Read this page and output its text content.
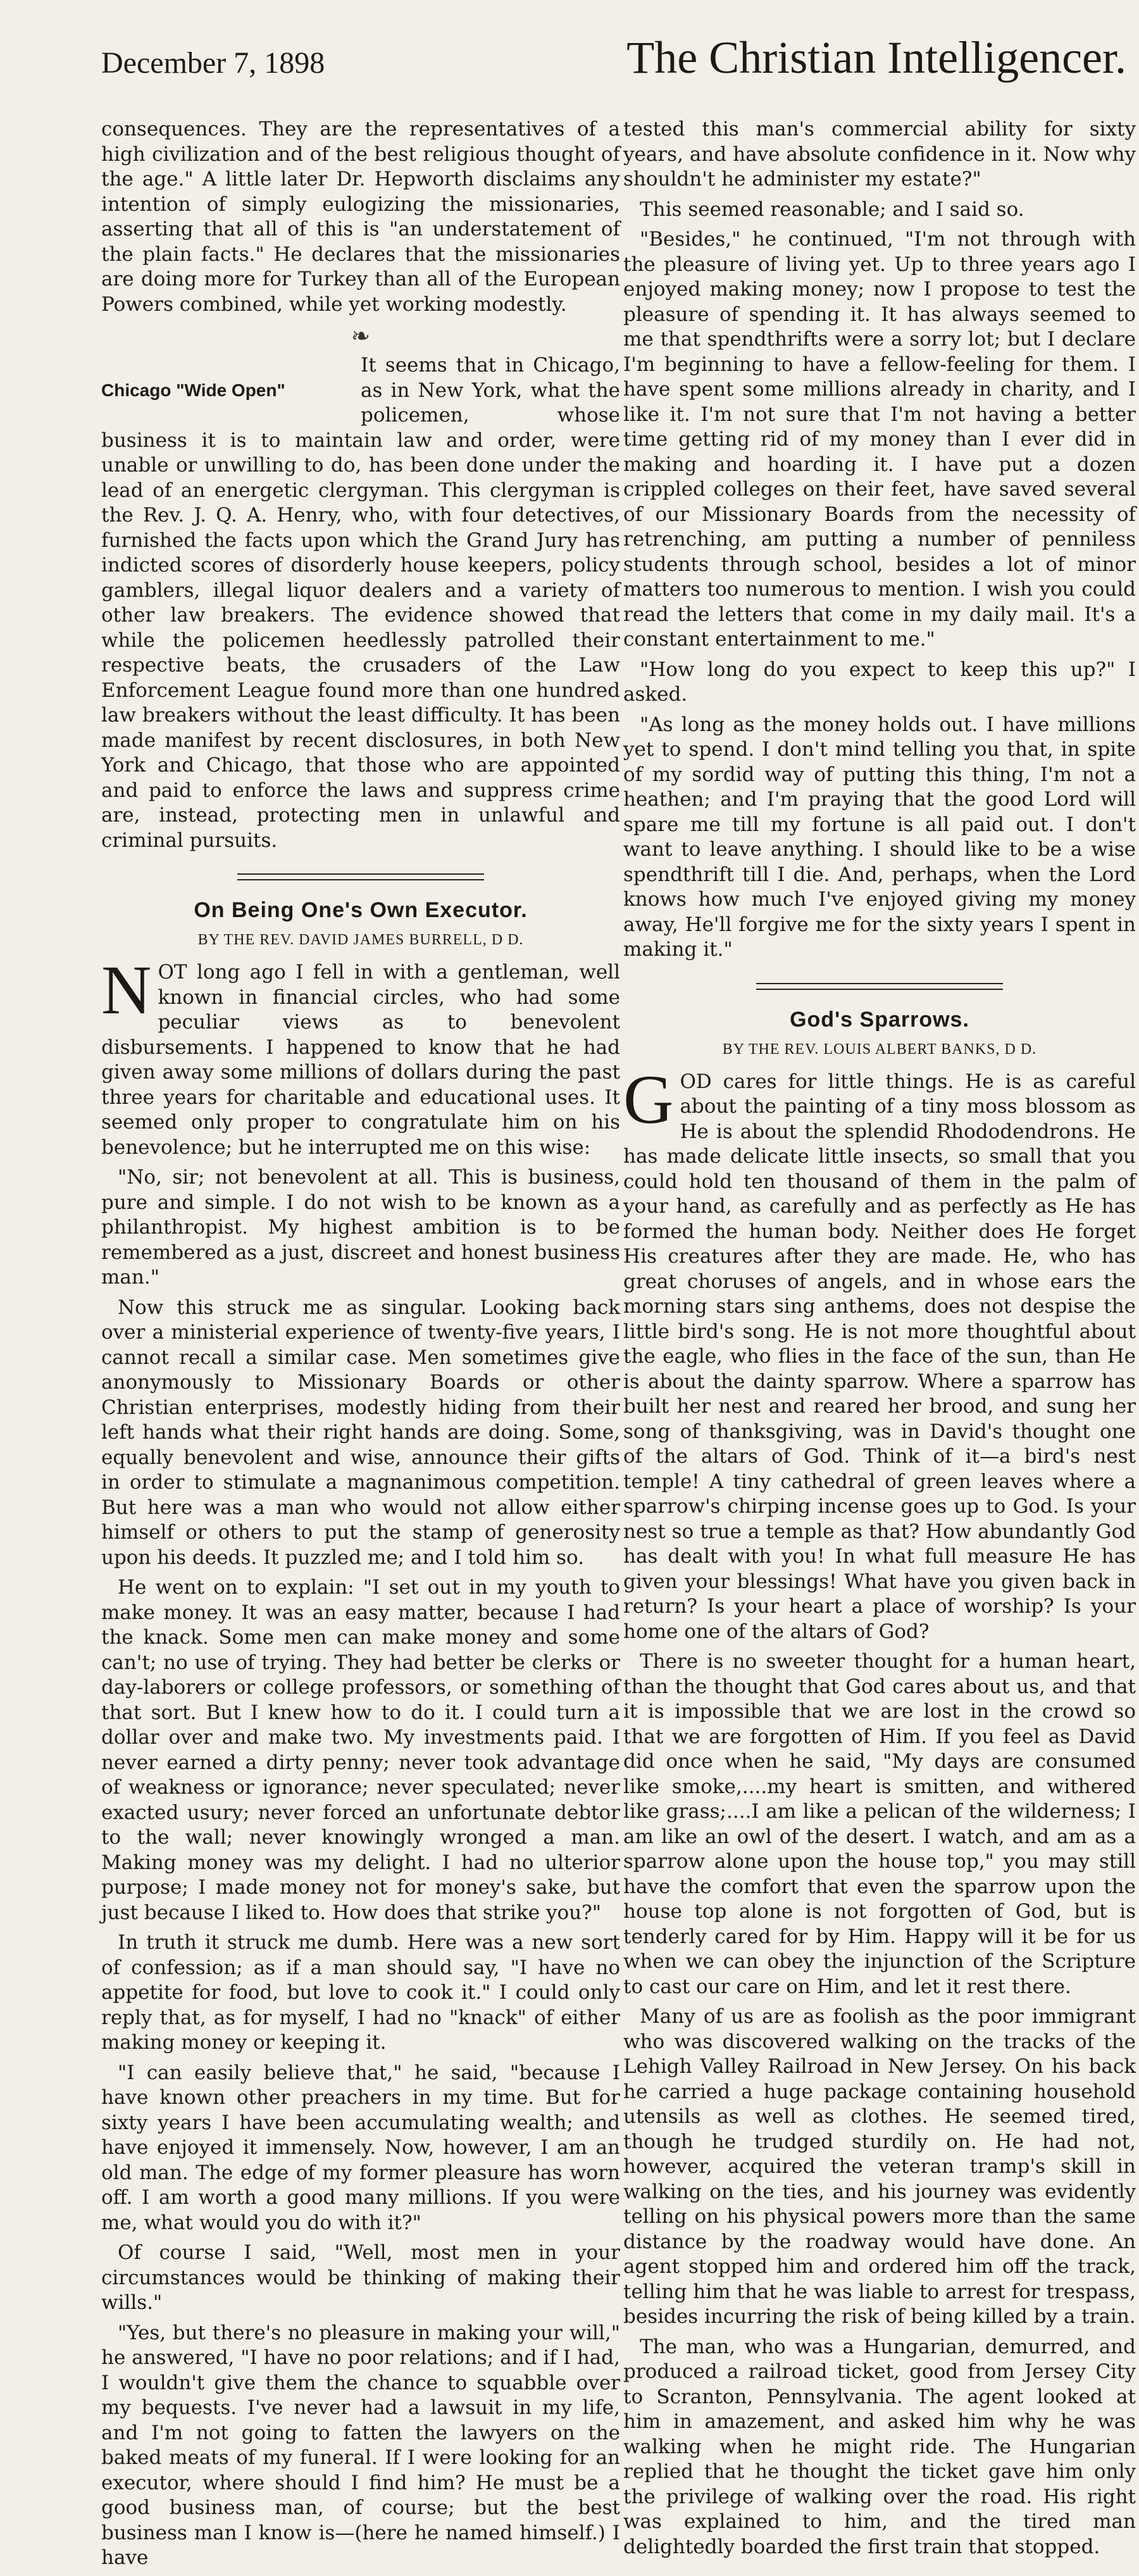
December 7, 1898	The Christian Intelligencer.

consequences. They are the representatives of a high civilization and of the best religious thought of the age." A little later Dr. Hepworth disclaims any intention of simply eulogizing the missionaries, asserting that all of this is "an understatement of the plain facts." He declares that the missionaries are doing more for Turkey than all of the European Powers combined, while yet working modestly.

❧
Chicago "Wide Open"

It seems that in Chicago, as in New York, what the policemen, whose business it is to maintain law and order, were unable or unwilling to do, has been done under the lead of an energetic clergyman. This clergyman is the Rev. J. Q. A. Henry, who, with four detectives, furnished the facts upon which the Grand Jury has indicted scores of disorderly house keepers, policy gamblers, illegal liquor dealers and a variety of other law breakers. The evidence showed that while the policemen heedlessly patrolled their respective beats, the crusaders of the Law Enforcement League found more than one hundred law breakers without the least difficulty. It has been made manifest by recent disclosures, in both New York and Chicago, that those who are appointed and paid to enforce the laws and suppress crime are, instead, protecting men in unlawful and criminal pursuits.

On Being One's Own Executor.
BY THE REV. DAVID JAMES BURRELL, D D.

NOT long ago I fell in with a gentleman, well known in financial circles, who had some peculiar views as to benevolent disbursements. I happened to know that he had given away some millions of dollars during the past three years for charitable and educational uses. It seemed only proper to congratulate him on his benevolence; but he interrupted me on this wise:

"No, sir; not benevolent at all. This is business, pure and simple. I do not wish to be known as a philanthropist. My highest ambition is to be remembered as a just, discreet and honest business man."

Now this struck me as singular. Looking back over a ministerial experience of twenty-five years, I cannot recall a similar case. Men sometimes give anonymously to Missionary Boards or other Christian enterprises, modestly hiding from their left hands what their right hands are doing. Some, equally benevolent and wise, announce their gifts in order to stimulate a magnanimous competition. But here was a man who would not allow either himself or others to put the stamp of generosity upon his deeds. It puzzled me; and I told him so.

He went on to explain: "I set out in my youth to make money. It was an easy matter, because I had the knack. Some men can make money and some can't; no use of trying. They had better be clerks or day-laborers or college professors, or something of that sort. But I knew how to do it. I could turn a dollar over and make two. My investments paid. I never earned a dirty penny; never took advantage of weakness or ignorance; never speculated; never exacted usury; never forced an unfortunate debtor to the wall; never knowingly wronged a man. Making money was my delight. I had no ulterior purpose; I made money not for money's sake, but just because I liked to. How does that strike you?"

In truth it struck me dumb. Here was a new sort of confession; as if a man should say, "I have no appetite for food, but love to cook it." I could only reply that, as for myself, I had no "knack" of either making money or keeping it.

"I can easily believe that," he said, "because I have known other preachers in my time. But for sixty years I have been accumulating wealth; and have enjoyed it immensely. Now, however, I am an old man. The edge of my former pleasure has worn off. I am worth a good many millions. If you were me, what would you do with it?"

Of course I said, "Well, most men in your circumstances would be thinking of making their wills."

"Yes, but there's no pleasure in making your will," he answered, "I have no poor relations; and if I had, I wouldn't give them the chance to squabble over my bequests. I've never had a lawsuit in my life, and I'm not going to fatten the lawyers on the baked meats of my funeral. If I were looking for an executor, where should I find him? He must be a good business man, of course; but the best business man I know is—(here he named himself.) I have

tested this man's commercial ability for sixty years, and have absolute confidence in it. Now why shouldn't he administer my estate?"

This seemed reasonable; and I said so.

"Besides," he continued, "I'm not through with the pleasure of living yet. Up to three years ago I enjoyed making money; now I propose to test the pleasure of spending it. It has always seemed to me that spendthrifts were a sorry lot; but I declare I'm beginning to have a fellow-feeling for them. I have spent some millions already in charity, and I like it. I'm not sure that I'm not having a better time getting rid of my money than I ever did in making and hoarding it. I have put a dozen crippled colleges on their feet, have saved several of our Missionary Boards from the necessity of retrenching, am putting a number of penniless students through school, besides a lot of minor matters too numerous to mention. I wish you could read the letters that come in my daily mail. It's a constant entertainment to me."

"How long do you expect to keep this up?" I asked.

"As long as the money holds out. I have millions yet to spend. I don't mind telling you that, in spite of my sordid way of putting this thing, I'm not a heathen; and I'm praying that the good Lord will spare me till my fortune is all paid out. I don't want to leave anything. I should like to be a wise spendthrift till I die. And, perhaps, when the Lord knows how much I've enjoyed giving my money away, He'll forgive me for the sixty years I spent in making it."

God's Sparrows.
BY THE REV. LOUIS ALBERT BANKS, D D.

GOD cares for little things. He is as careful about the painting of a tiny moss blossom as He is about the splendid Rhododendrons. He has made delicate little insects, so small that you could hold ten thousand of them in the palm of your hand, as carefully and as perfectly as He has formed the human body. Neither does He forget His creatures after they are made. He, who has great choruses of angels, and in whose ears the morning stars sing anthems, does not despise the little bird's song. He is not more thoughtful about the eagle, who flies in the face of the sun, than He is about the dainty sparrow. Where a sparrow has built her nest and reared her brood, and sung her song of thanksgiving, was in David's thought one of the altars of God. Think of it—a bird's nest temple! A tiny cathedral of green leaves where a sparrow's chirping incense goes up to God. Is your nest so true a temple as that? How abundantly God has dealt with you! In what full measure He has given your blessings! What have you given back in return? Is your heart a place of worship? Is your home one of the altars of God?

There is no sweeter thought for a human heart, than the thought that God cares about us, and that it is impossible that we are lost in the crowd so that we are forgotten of Him. If you feel as David did once when he said, "My days are consumed like smoke,....my heart is smitten, and withered like grass;....I am like a pelican of the wilderness; I am like an owl of the desert. I watch, and am as a sparrow alone upon the house top," you may still have the comfort that even the sparrow upon the house top alone is not forgotten of God, but is tenderly cared for by Him. Happy will it be for us when we can obey the injunction of the Scripture to cast our care on Him, and let it rest there.

Many of us are as foolish as the poor immigrant who was discovered walking on the tracks of the Lehigh Valley Railroad in New Jersey. On his back he carried a huge package containing household utensils as well as clothes. He seemed tired, though he trudged sturdily on. He had not, however, acquired the veteran tramp's skill in walking on the ties, and his journey was evidently telling on his physical powers more than the same distance by the roadway would have done. An agent stopped him and ordered him off the track, telling him that he was liable to arrest for trespass, besides incurring the risk of being killed by a train.

The man, who was a Hungarian, demurred, and produced a railroad ticket, good from Jersey City to Scranton, Pennsylvania. The agent looked at him in amazement, and asked him why he was walking when he might ride. The Hungarian replied that he thought the ticket gave him only the privilege of walking over the road. His right was explained to him, and the tired man delightedly boarded the first train that stopped.
